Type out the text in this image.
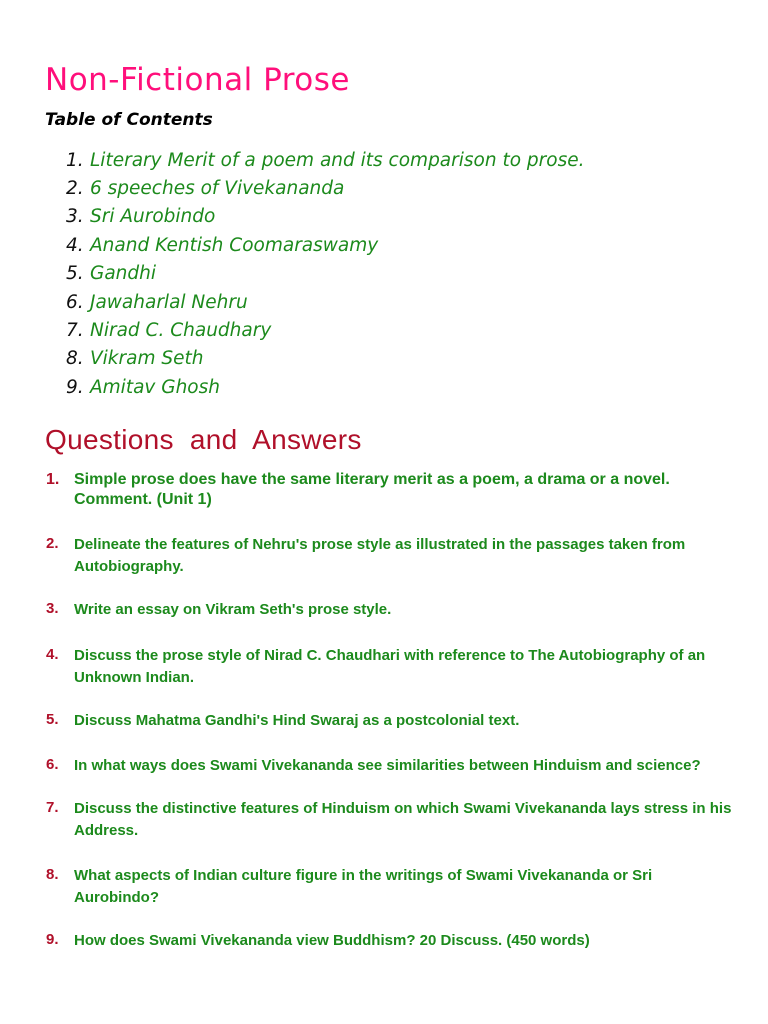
Non-Fictional Prose
Table of Contents
1. Literary Merit of a poem and its comparison to prose.
2. 6 speeches of Vivekananda
3. Sri Aurobindo
4. Anand Kentish Coomaraswamy
5. Gandhi
6. Jawaharlal Nehru
7. Nirad C. Chaudhary
8. Vikram Seth
9. Amitav Ghosh
Questions  and  Answers
1. Simple prose does have the same literary merit as a poem, a drama or a novel. Comment. (Unit 1)
2.	Delineate the features of Nehru's prose style as illustrated in the passages taken from Autobiography.
3.	Write an essay on Vikram Seth's prose style.
4.	Discuss the prose style of Nirad C. Chaudhari with reference to The Autobiography of an Unknown Indian.
5.	Discuss Mahatma Gandhi's Hind Swaraj as a postcolonial text.
6.	In what ways does Swami Vivekananda see similarities between Hinduism and science?
7.	Discuss the distinctive features of Hinduism on which Swami Vivekananda lays stress in his Address.
8.	What aspects of Indian culture figure in the writings of Swami Vivekananda or Sri Aurobindo?
9.	How does Swami Vivekananda view Buddhism? 20 Discuss. (450 words)
